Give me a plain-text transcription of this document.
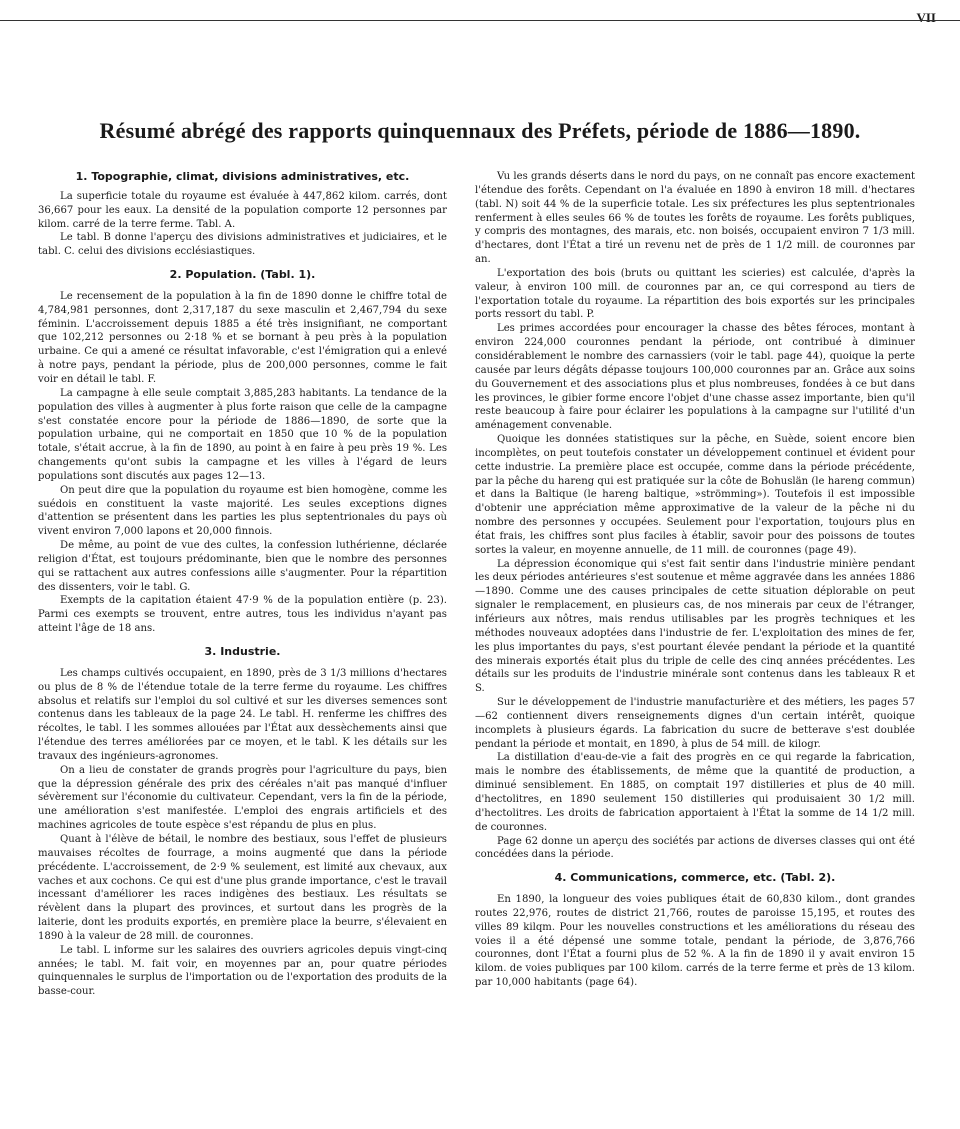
VII
Résumé abrégé des rapports quinquennaux des Préfets, période de 1886—1890.
1. Topographie, climat, divisions administratives, etc.

La superficie totale du royaume est évaluée à 447,862 kilom. carrés, dont 36,667 pour les eaux. La densité de la population comporte 12 personnes par kilom. carré de la terre ferme. Tabl. A.

Le tabl. B donne l'aperçu des divisions administratives et judiciaires, et le tabl. C. celui des divisions ecclésiastiques.

2. Population. (Tabl. 1).

Le recensement de la population à la fin de 1890 donne le chiffre total de 4,784,981 personnes, dont 2,317,187 du sexe masculin et 2,467,794 du sexe féminin. L'accroissement depuis 1885 a été très insignifiant, ne comportant que 102,212 personnes ou 2·18 % et se bornant à peu près à la population urbaine. Ce qui a amené ce résultat infavorable, c'est l'émigration qui a enlevé à notre pays, pendant la période, plus de 200,000 personnes, comme le fait voir en détail le tabl. F.

La campagne à elle seule comptait 3,885,283 habitants. La tendance de la population des villes à augmenter à plus forte raison que celle de la campagne s'est constatée encore pour la période de 1886—1890, de sorte que la population urbaine, qui ne comportait en 1850 que 10 % de la population totale, s'était accrue, à la fin de 1890, au point à en faire à peu près 19 %. Les changements qu'ont subis la campagne et les villes à l'égard de leurs populations sont discutés aux pages 12—13.

On peut dire que la population du royaume est bien homogène, comme les suédois en constituent la vaste majorité. Les seules exceptions dignes d'attention se présentent dans les parties les plus septentrionales du pays où vivent environ 7,000 lapons et 20,000 finnois.

De même, au point de vue des cultes, la confession luthérienne, déclarée religion d'État, est toujours prédominante, bien que le nombre des personnes qui se rattachent aux autres confessions aille s'augmenter. Pour la répartition des dissenters, voir le tabl. G.

Exempts de la capitation étaient 47·9 % de la population entière (p. 23). Parmi ces exempts se trouvent, entre autres, tous les individus n'ayant pas atteint l'âge de 18 ans.

3. Industrie.

Les champs cultivés occupaient, en 1890, près de 3 1/3 millions d'hectares ou plus de 8 % de l'étendue totale de la terre ferme du royaume. Les chiffres absolus et relatifs sur l'emploi du sol cultivé et sur les diverses semences sont contenus dans les tableaux de la page 24. Le tabl. H. renferme les chiffres des récoltes, le tabl. I les sommes allouées par l'État aux dessèchements ainsi que l'étendue des terres améliorées par ce moyen, et le tabl. K les détails sur les travaux des ingénieurs-agronomes.

On a lieu de constater de grands progrès pour l'agriculture du pays, bien que la dépression générale des prix des céréales n'ait pas manqué d'influer sévèrement sur l'économie du cultivateur. Cependant, vers la fin de la période, une amélioration s'est manifestée. L'emploi des engrais artificiels et des machines agricoles de toute espèce s'est répandu de plus en plus.

Quant à l'élève de bétail, le nombre des bestiaux, sous l'effet de plusieurs mauvaises récoltes de fourrage, a moins augmenté que dans la période précédente. L'accroissement, de 2·9 % seulement, est limité aux chevaux, aux vaches et aux cochons. Ce qui est d'une plus grande importance, c'est le travail incessant d'améliorer les races indigènes des bestiaux. Les résultats se révèlent dans la plupart des provinces, et surtout dans les progrès de la laiterie, dont les produits exportés, en première place la beurre, s'élevaient en 1890 à la valeur de 28 mill. de couronnes.

Le tabl. L informe sur les salaires des ouvriers agricoles depuis vingt-cinq années; le tabl. M. fait voir, en moyennes par an, pour quatre périodes quinquennales le surplus de l'importation ou de l'exportation des produits de la basse-cour.

Vu les grands déserts dans le nord du pays, on ne connaît pas encore exactement l'étendue des forêts. Cependant on l'a évaluée en 1890 à environ 18 mill. d'hectares (tabl. N) soit 44 % de la superficie totale. Les six préfectures les plus septentrionales renferment à elles seules 66 % de toutes les forêts de royaume. Les forêts publiques, y compris des montagnes, des marais, etc. non boisés, occupaient environ 7 1/3 mill. d'hectares, dont l'État a tiré un revenu net de près de 1 1/2 mill. de couronnes par an.

L'exportation des bois (bruts ou quittant les scieries) est calculée, d'après la valeur, à environ 100 mill. de couronnes par an, ce qui correspond au tiers de l'exportation totale du royaume. La répartition des bois exportés sur les principales ports ressort du tabl. P.

Les primes accordées pour encourager la chasse des bêtes féroces, montant à environ 224,000 couronnes pendant la période, ont contribué à diminuer considérablement le nombre des carnassiers (voir le tabl. page 44), quoique la perte causée par leurs dégâts dépasse toujours 100,000 couronnes par an. Grâce aux soins du Gouvernement et des associations plus et plus nombreuses, fondées à ce but dans les provinces, le gibier forme encore l'objet d'une chasse assez importante, bien qu'il reste beaucoup à faire pour éclairer les populations à la campagne sur l'utilité d'un aménagement convenable.

Quoique les données statistiques sur la pêche, en Suède, soient encore bien incomplètes, on peut toutefois constater un développement continuel et évident pour cette industrie. La première place est occupée, comme dans la période précédente, par la pêche du hareng qui est pratiquée sur la côte de Bohuslän (le hareng commun) et dans la Baltique (le hareng baltique, »strömming»). Toutefois il est impossible d'obtenir une appréciation même approximative de la valeur de la pêche ni du nombre des personnes y occupées. Seulement pour l'exportation, toujours plus en état frais, les chiffres sont plus faciles à établir, savoir pour des poissons de toutes sortes la valeur, en moyenne annuelle, de 11 mill. de couronnes (page 49).

La dépression économique qui s'est fait sentir dans l'industrie minière pendant les deux périodes antérieures s'est soutenue et même aggravée dans les années 1886—1890. Comme une des causes principales de cette situation déplorable on peut signaler le remplacement, en plusieurs cas, de nos minerais par ceux de l'étranger, inférieurs aux nôtres, mais rendus utilisables par les progrès techniques et les méthodes nouveaux adoptées dans l'industrie de fer. L'exploitation des mines de fer, les plus importantes du pays, s'est pourtant élevée pendant la période et la quantité des minerais exportés était plus du triple de celle des cinq années précédentes. Les détails sur les produits de l'industrie minérale sont contenus dans les tableaux R et S.

Sur le développement de l'industrie manufacturière et des métiers, les pages 57—62 contiennent divers renseignements dignes d'un certain intérêt, quoique incomplets à plusieurs égards. La fabrication du sucre de betterave s'est doublée pendant la période et montait, en 1890, à plus de 54 mill. de kilogr.

La distillation d'eau-de-vie a fait des progrès en ce qui regarde la fabrication, mais le nombre des établissements, de même que la quantité de production, a diminué sensiblement. En 1885, on comptait 197 distilleries et plus de 40 mill. d'hectolitres, en 1890 seulement 150 distilleries qui produisaient 30 1/2 mill. d'hectolitres. Les droits de fabrication apportaient à l'État la somme de 14 1/2 mill. de couronnes.

Page 62 donne un aperçu des sociétés par actions de diverses classes qui ont été concédées dans la période.

4. Communications, commerce, etc. (Tabl. 2).

En 1890, la longueur des voies publiques était de 60,830 kilom., dont grandes routes 22,976, routes de district 21,766, routes de paroisse 15,195, et routes des villes 89 kilqm. Pour les nouvelles constructions et les améliorations du réseau des voies il a été dépensé une somme totale, pendant la période, de 3,876,766 couronnes, dont l'État a fourni plus de 52 %. A la fin de 1890 il y avait environ 15 kilom. de voies publiques par 100 kilom. carrés de la terre ferme et près de 13 kilom. par 10,000 habitants (page 64).
